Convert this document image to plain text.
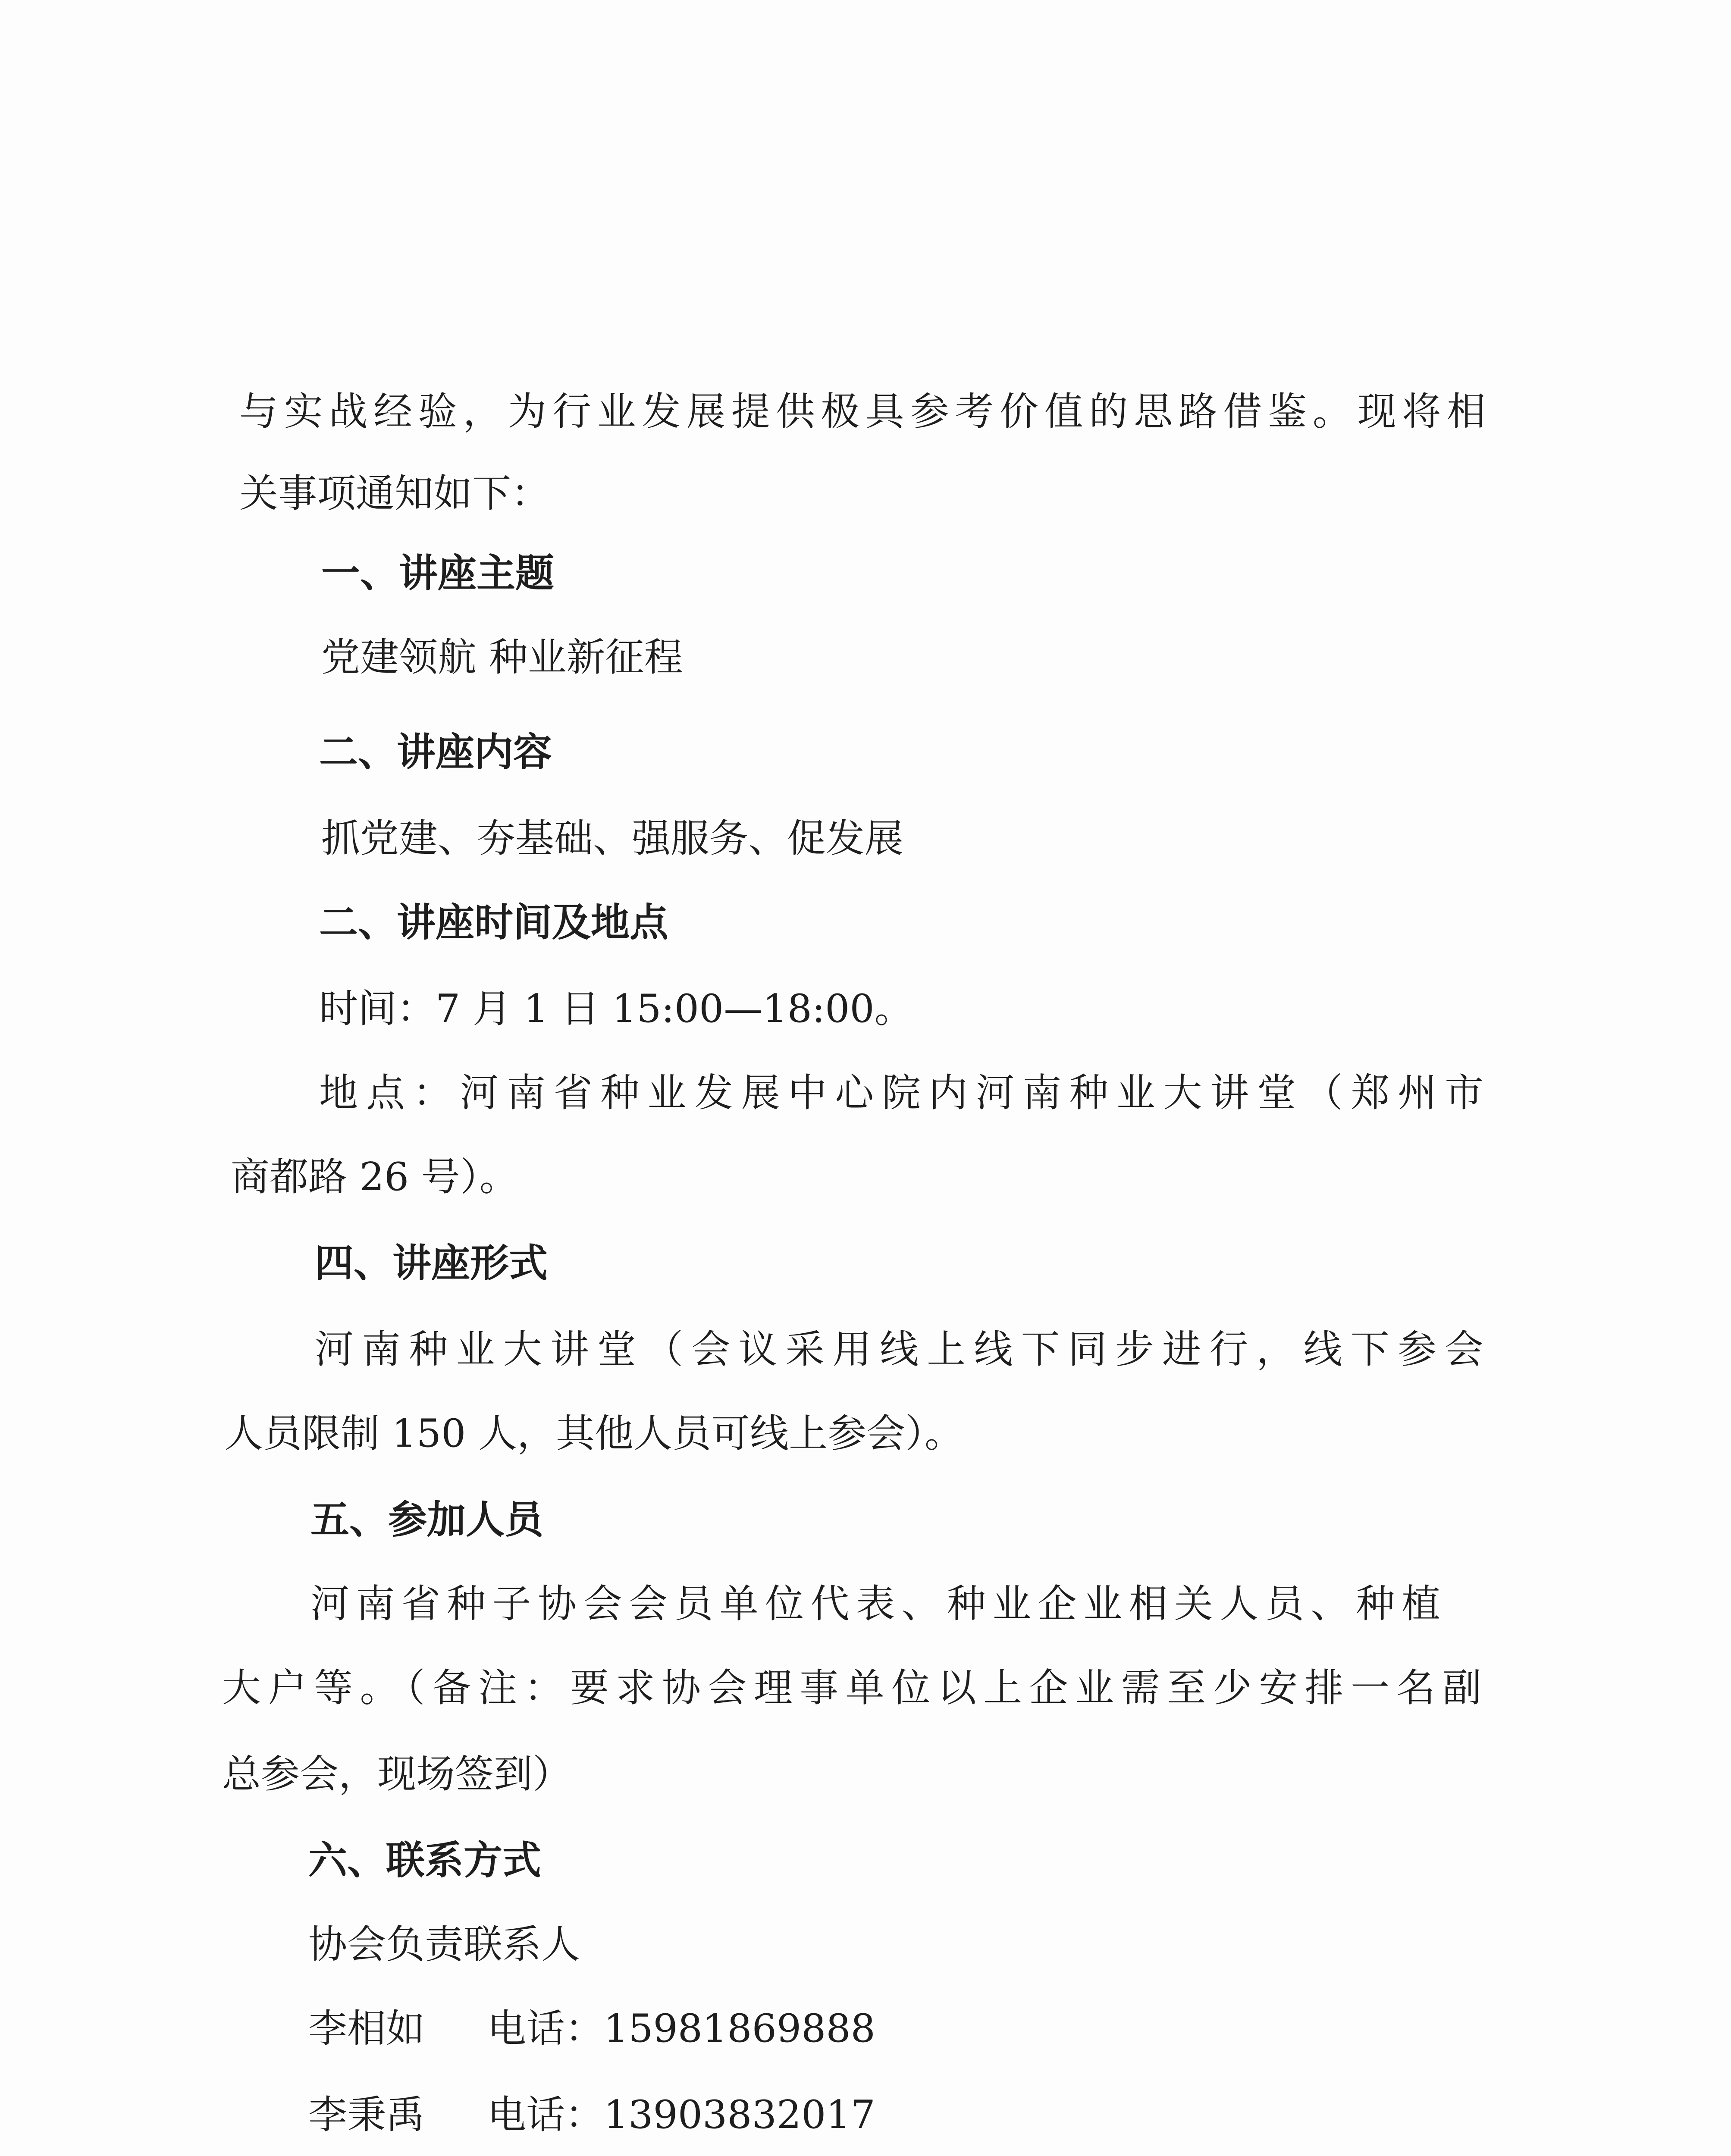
与实战经验，为行业发展提供极具参考价值的思路借鉴。现将相
关事项通知如下：
一、讲座主题
党建领航 种业新征程
二、讲座内容
抓党建、夯基础、强服务、促发展
二、讲座时间及地点
时间：7 月 1 日 15:00—18:00。
地点：河南省种业发展中心院内河南种业大讲堂（郑州市
商都路 26 号）。
四、讲座形式
河南种业大讲堂（会议采用线上线下同步进行，线下参会
人员限制 150 人，其他人员可线上参会）。
五、参加人员
河南省种子协会会员单位代表、种业企业相关人员、种植
大户等。（备注：要求协会理事单位以上企业需至少安排一名副
总参会，现场签到）
六、联系方式
协会负责联系人
李相如 电话：15981869888
李秉禹 电话：13903832017
